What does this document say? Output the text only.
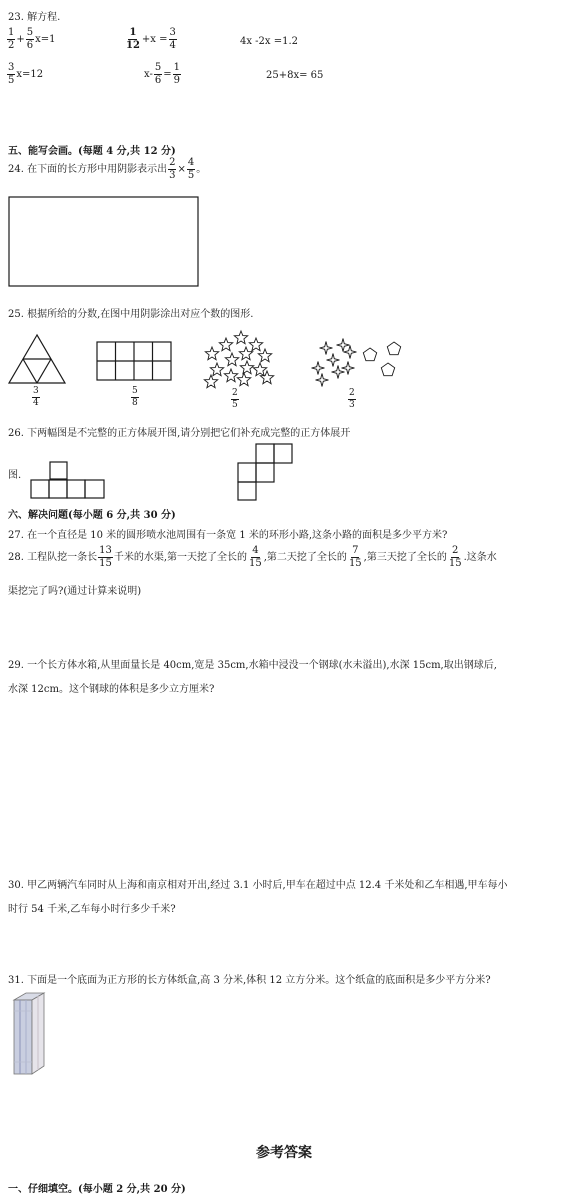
23. 解方程.
$\frac{1}{2} + \frac{5}{6} x=1$	$\frac{1}{12} +x = \frac{3}{4}$	4x -2x =1.2
$\frac{3}{5} x=12$	$x- \frac{5}{6} = \frac{1}{9}$	25+8x= 65
五、能写会画。(每题 4 分,共 12 分)
24. 在下面的长方形中用阴影表示出 $\frac{2}{3} \times \frac{4}{5}$ 。
25. 根据所给的分数,在图中用阴影涂出对应个数的图形.
$\frac{3}{4}$	$\frac{5}{8}$	$\frac{2}{5}$	$\frac{2}{3}$
26. 下两幅图是不完整的正方体展开图,请分别把它们补充成完整的正方体展开
图.
六、解决问题(每小题 6 分,共 30 分)
27. 在一个直径是 10 米的圆形喷水池周围有一条宽 1 米的环形小路,这条小路的面积是多少平方米?
28. 工程队挖一条长 $\frac{13}{15}$ 千米的水渠,第一天挖了全长的 $\frac{4}{15}$ ,第二天挖了全长的 $\frac{7}{15}$ ,第三天挖了全长的 $\frac{2}{15}$ .这条水
渠挖完了吗?(通过计算来说明)
29. 一个长方体水箱,从里面量长是 40cm,宽是 35cm,水箱中浸没一个钢球(水未溢出),水深 15cm,取出钢球后,
水深 12cm。这个钢球的体积是多少立方厘米?
30. 甲乙两辆汽车同时从上海和南京相对开出,经过 3.1 小时后,甲车在超过中点 12.4 千米处和乙车相遇,甲车每小
时行 54 千米,乙车每小时行多少千米?
31. 下面是一个底面为正方形的长方体纸盒,高 3 分米,体积 12 立方分米。这个纸盒的底面积是多少平方分米?
参考答案
一、仔细填空。(每小题 2 分,共 20 分)
